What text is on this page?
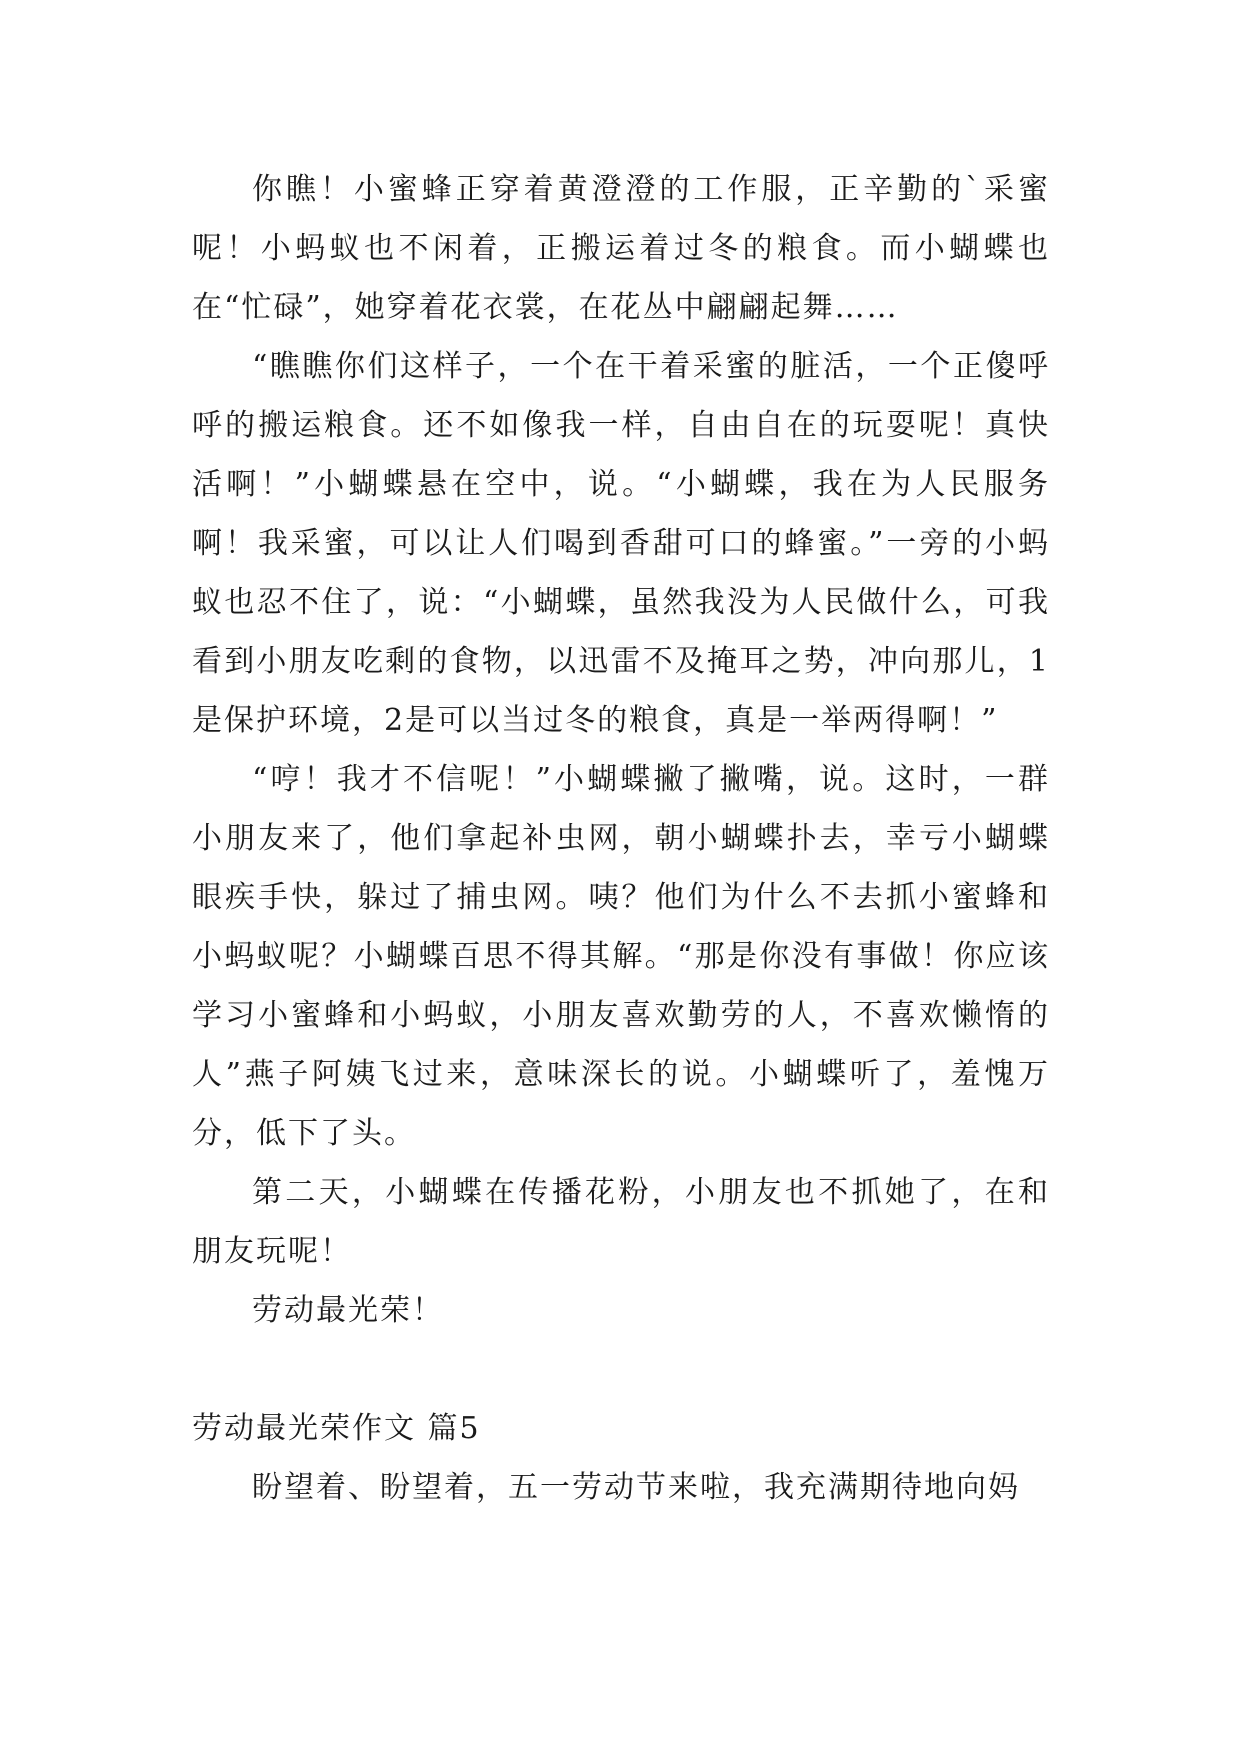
你瞧！小蜜蜂正穿着黄澄澄的工作服，正辛勤的`采蜜呢！小蚂蚁也不闲着，正搬运着过冬的粮食。而小蝴蝶也在“忙碌”，她穿着花衣裳，在花丛中翩翩起舞……

“瞧瞧你们这样子，一个在干着采蜜的脏活，一个正傻呼呼的搬运粮食。还不如像我一样，自由自在的玩耍呢！真快活啊！”小蝴蝶悬在空中，说。“小蝴蝶，我在为人民服务啊！我采蜜，可以让人们喝到香甜可口的蜂蜜。”一旁的小蚂蚁也忍不住了，说：“小蝴蝶，虽然我没为人民做什么，可我看到小朋友吃剩的食物，以迅雷不及掩耳之势，冲向那儿，1是保护环境，2是可以当过冬的粮食，真是一举两得啊！”

“哼！我才不信呢！”小蝴蝶撇了撇嘴，说。这时，一群小朋友来了，他们拿起补虫网，朝小蝴蝶扑去，幸亏小蝴蝶眼疾手快，躲过了捕虫网。咦？他们为什么不去抓小蜜蜂和小蚂蚁呢？小蝴蝶百思不得其解。“那是你没有事做！你应该学习小蜜蜂和小蚂蚁，小朋友喜欢勤劳的人，不喜欢懒惰的人”燕子阿姨飞过来，意味深长的说。小蝴蝶听了，羞愧万分，低下了头。

第二天，小蝴蝶在传播花粉，小朋友也不抓她了，在和朋友玩呢！

劳动最光荣！

劳动最光荣作文 篇5

盼望着、盼望着，五一劳动节来啦，我充满期待地向妈
